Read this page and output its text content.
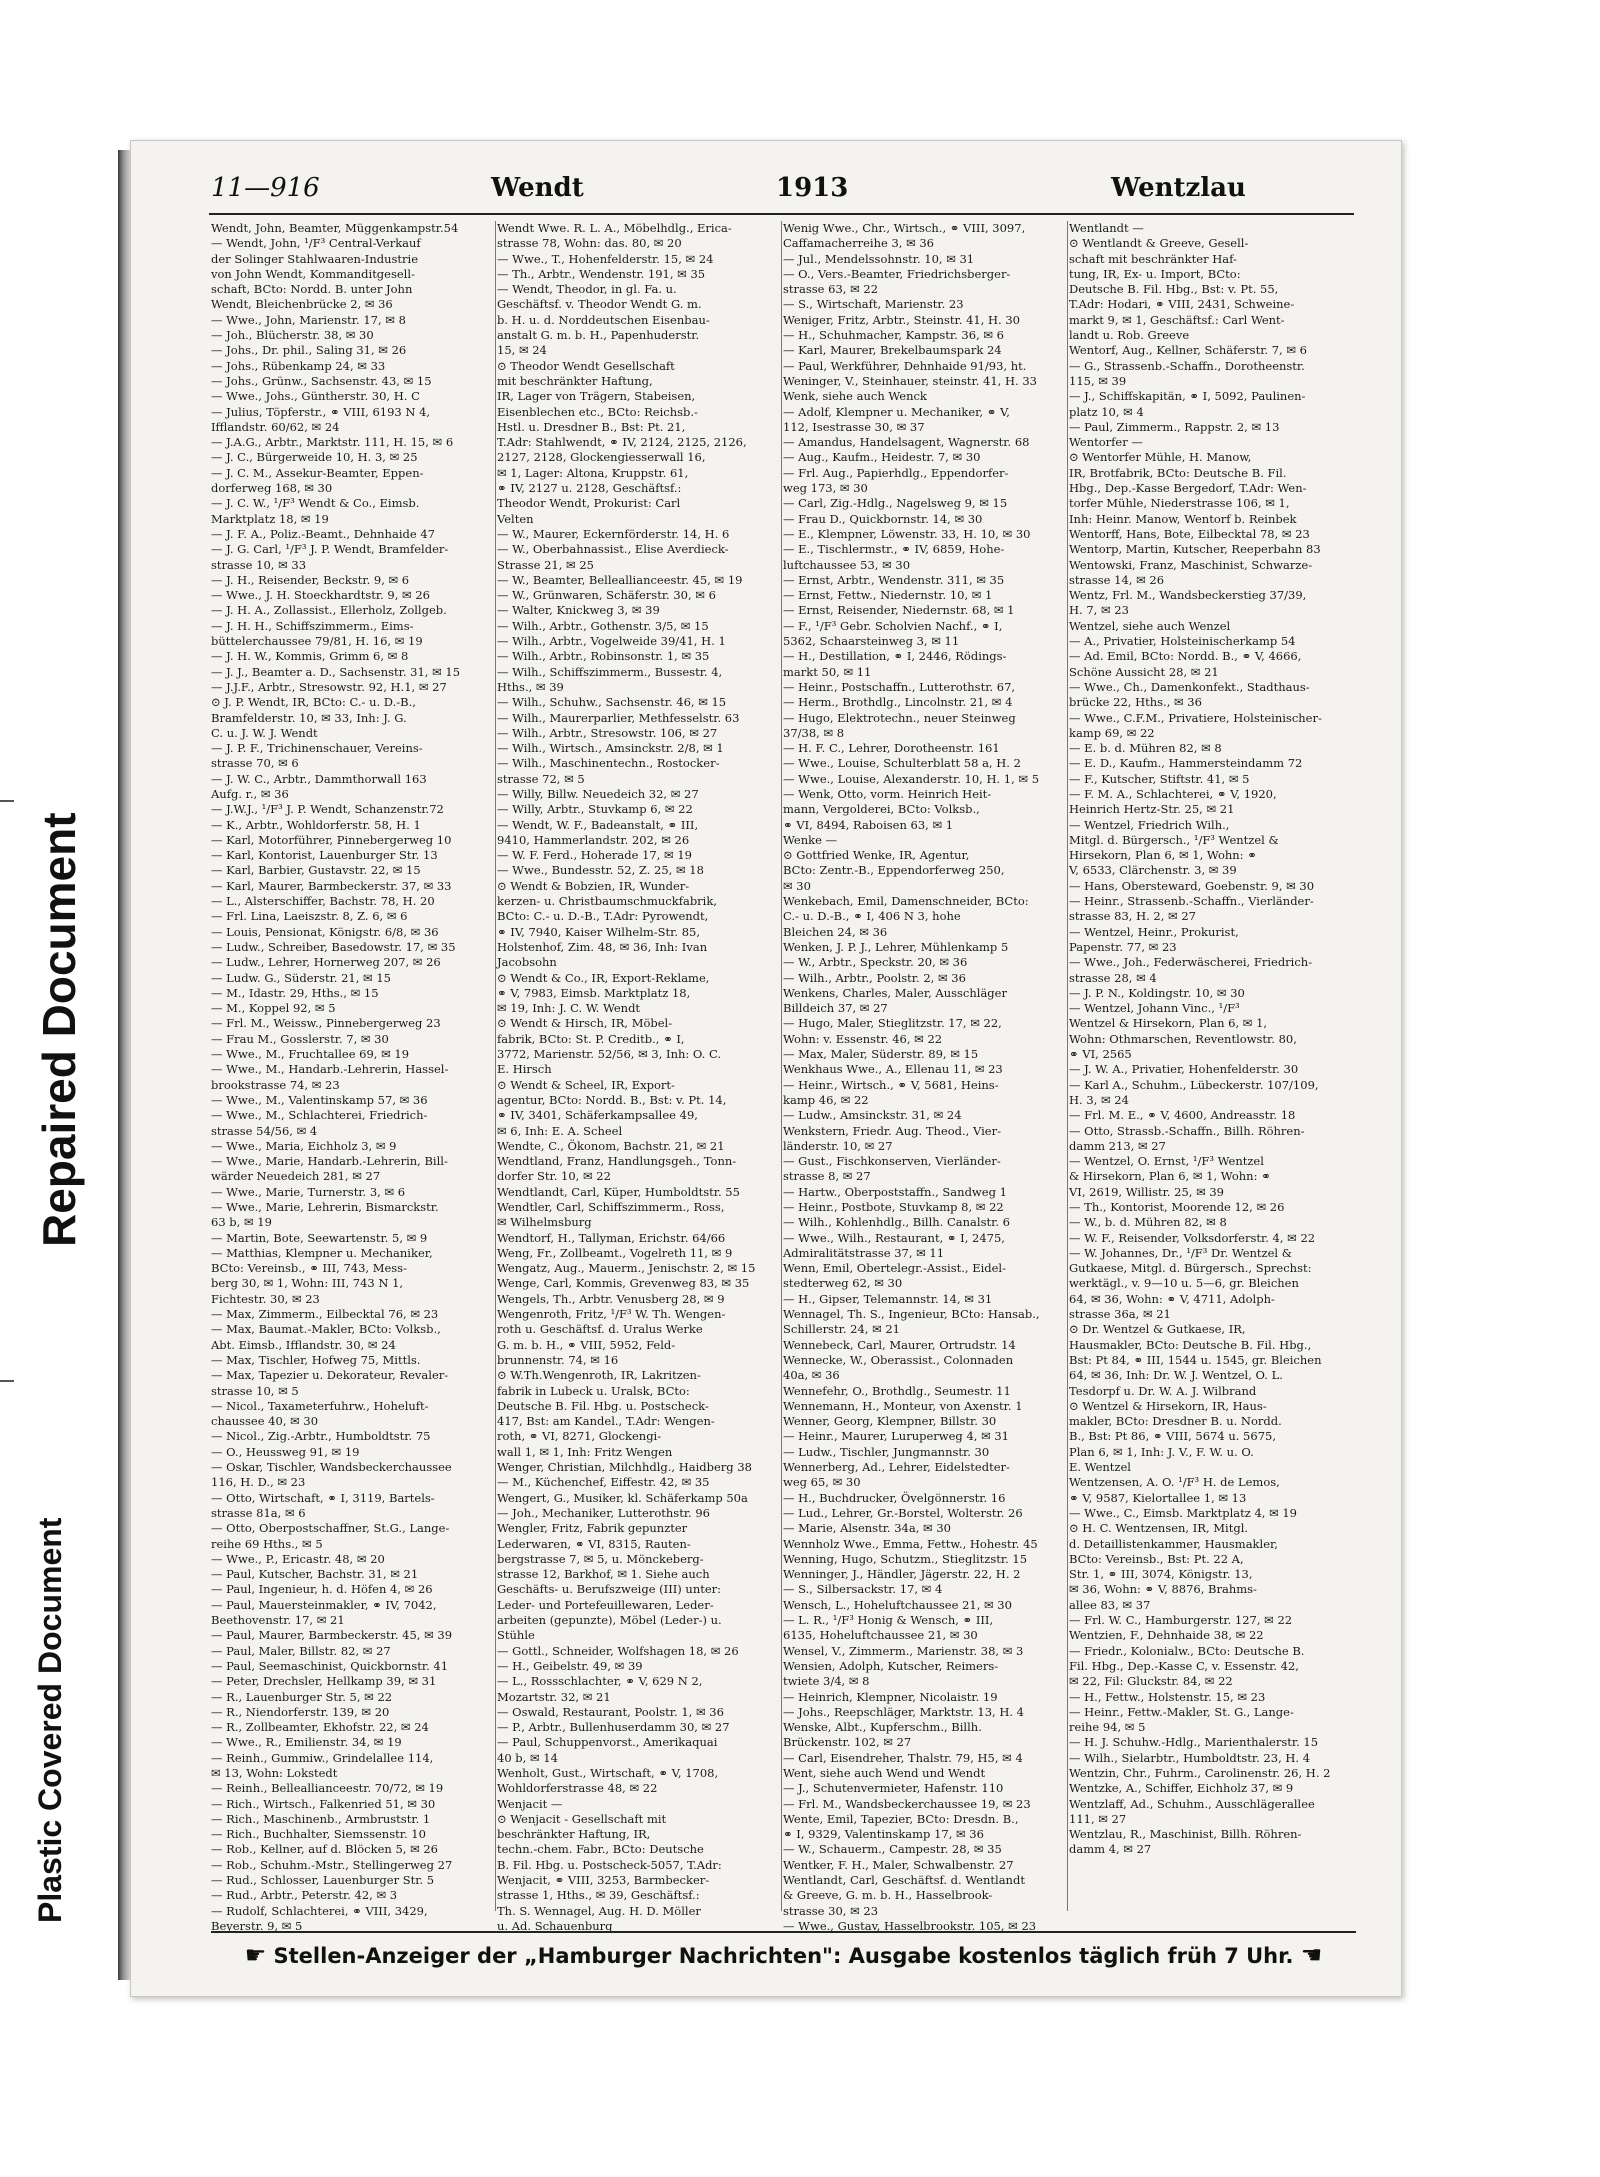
Repaired Document
Plastic Covered Document
11—916	Wendt	1913	Wentzlau

Wendt, John, Beamter, Müggenkampstr.54

— Wendt, John, ¹/F³ Central-Verkauf

der Solinger Stahlwaaren-Industrie

von John Wendt, Kommanditgesell-

schaft, BCto: Nordd. B. unter John

Wendt, Bleichenbrücke 2, ✉ 36

— Wwe., John, Marienstr. 17, ✉ 8

— Joh., Blücherstr. 38, ✉ 30

— Johs., Dr. phil., Saling 31, ✉ 26

— Johs., Rübenkamp 24, ✉ 33

— Johs., Grünw., Sachsenstr. 43, ✉ 15

— Wwe., Johs., Güntherstr. 30, H. C

— Julius, Töpferstr., ⚭ VIII, 6193 N 4,

Ifflandstr. 60/62, ✉ 24

— J.A.G., Arbtr., Marktstr. 111, H. 15, ✉ 6

— J. C., Bürgerweide 10, H. 3, ✉ 25

— J. C. M., Assekur-Beamter, Eppen-

dorferweg 168, ✉ 30

— J. C. W., ¹/F³ Wendt & Co., Eimsb.

Marktplatz 18, ✉ 19

— J. F. A., Poliz.-Beamt., Dehnhaide 47

— J. G. Carl, ¹/F³ J. P. Wendt, Bramfelder-

strasse 10, ✉ 33

— J. H., Reisender, Beckstr. 9, ✉ 6

— Wwe., J. H. Stoeckhardtstr. 9, ✉ 26

— J. H. A., Zollassist., Ellerholz, Zollgeb.

— J. H. H., Schiffszimmerm., Eims-

büttelerchaussee 79/81, H. 16, ✉ 19

— J. H. W., Kommis, Grimm 6, ✉ 8

— J. J., Beamter a. D., Sachsenstr. 31, ✉ 15

— J.J.F., Arbtr., Stresowstr. 92, H.1, ✉ 27

⊙ J. P. Wendt, IR, BCto: C.- u. D.-B.,

Bramfelderstr. 10, ✉ 33, Inh: J. G.

C. u. J. W. J. Wendt

— J. P. F., Trichinenschauer, Vereins-

strasse 70, ✉ 6

— J. W. C., Arbtr., Dammthorwall 163

Aufg. r., ✉ 36

— J.W.J., ¹/F³ J. P. Wendt, Schanzenstr.72

— K., Arbtr., Wohldorferstr. 58, H. 1

— Karl, Motorführer, Pinnebergerweg 10

— Karl, Kontorist, Lauenburger Str. 13

— Karl, Barbier, Gustavstr. 22, ✉ 15

— Karl, Maurer, Barmbeckerstr. 37, ✉ 33

— L., Alsterschiffer, Bachstr. 78, H. 20

— Frl. Lina, Laeiszstr. 8, Z. 6, ✉ 6

— Louis, Pensionat, Königstr. 6/8, ✉ 36

— Ludw., Schreiber, Basedowstr. 17, ✉ 35

— Ludw., Lehrer, Hornerweg 207, ✉ 26

— Ludw. G., Süderstr. 21, ✉ 15

— M., Idastr. 29, Hths., ✉ 15

— M., Koppel 92, ✉ 5

— Frl. M., Weissw., Pinnebergerweg 23

— Frau M., Gosslerstr. 7, ✉ 30

— Wwe., M., Fruchtallee 69, ✉ 19

— Wwe., M., Handarb.-Lehrerin, Hassel-

brookstrasse 74, ✉ 23

— Wwe., M., Valentinskamp 57, ✉ 36

— Wwe., M., Schlachterei, Friedrich-

strasse 54/56, ✉ 4

— Wwe., Maria, Eichholz 3, ✉ 9

— Wwe., Marie, Handarb.-Lehrerin, Bill-

wärder Neuedeich 281, ✉ 27

— Wwe., Marie, Turnerstr. 3, ✉ 6

— Wwe., Marie, Lehrerin, Bismarckstr.

63 b, ✉ 19

— Martin, Bote, Seewartenstr. 5, ✉ 9

— Matthias, Klempner u. Mechaniker,

BCto: Vereinsb., ⚭ III, 743, Mess-

berg 30, ✉ 1, Wohn: III, 743 N 1,

Fichtestr. 30, ✉ 23

— Max, Zimmerm., Eilbecktal 76, ✉ 23

— Max, Baumat.-Makler, BCto: Volksb.,

Abt. Eimsb., Ifflandstr. 30, ✉ 24

— Max, Tischler, Hofweg 75, Mittls.

— Max, Tapezier u. Dekorateur, Revaler-

strasse 10, ✉ 5

— Nicol., Taxameterfuhrw., Hoheluft-

chaussee 40, ✉ 30

— Nicol., Zig.-Arbtr., Humboldtstr. 75

— O., Heussweg 91, ✉ 19

— Oskar, Tischler, Wandsbeckerchaussee

116, H. D., ✉ 23

— Otto, Wirtschaft, ⚭ I, 3119, Bartels-

strasse 81a, ✉ 6

— Otto, Oberpostschaffner, St.G., Lange-

reihe 69 Hths., ✉ 5

— Wwe., P., Ericastr. 48, ✉ 20

— Paul, Kutscher, Bachstr. 31, ✉ 21

— Paul, Ingenieur, h. d. Höfen 4, ✉ 26

— Paul, Mauersteinmakler, ⚭ IV, 7042,

Beethovenstr. 17, ✉ 21

— Paul, Maurer, Barmbeckerstr. 45, ✉ 39

— Paul, Maler, Billstr. 82, ✉ 27

— Paul, Seemaschinist, Quickbornstr. 41

— Peter, Drechsler, Hellkamp 39, ✉ 31

— R., Lauenburger Str. 5, ✉ 22

— R., Niendorferstr. 139, ✉ 20

— R., Zollbeamter, Ekhofstr. 22, ✉ 24

— Wwe., R., Emilienstr. 34, ✉ 19

— Reinh., Gummiw., Grindelallee 114,

✉ 13, Wohn: Lokstedt

— Reinh., Belleallianceestr. 70/72, ✉ 19

— Rich., Wirtsch., Falkenried 51, ✉ 30

— Rich., Maschinenb., Armbruststr. 1

— Rich., Buchhalter, Siemssenstr. 10

— Rob., Kellner, auf d. Blöcken 5, ✉ 26

— Rob., Schuhm.-Mstr., Stellingerweg 27

— Rud., Schlosser, Lauenburger Str. 5

— Rud., Arbtr., Peterstr. 42, ✉ 3

— Rudolf, Schlachterei, ⚭ VIII, 3429,

Beyerstr. 9, ✉ 5

Wendt Wwe. R. L. A., Möbelhdlg., Erica-

strasse 78, Wohn: das. 80, ✉ 20

— Wwe., T., Hohenfelderstr. 15, ✉ 24

— Th., Arbtr., Wendenstr. 191, ✉ 35

— Wendt, Theodor, in gl. Fa. u.

Geschäftsf. v. Theodor Wendt G. m.

b. H. u. d. Norddeutschen Eisenbau-

anstalt G. m. b. H., Papenhuderstr.

15, ✉ 24

⊙ Theodor Wendt Gesellschaft

mit beschränkter Haftung,

IR, Lager von Trägern, Stabeisen,

Eisenblechen etc., BCto: Reichsb.-

Hstl. u. Dresdner B., Bst: Pt. 21,

T.Adr: Stahlwendt, ⚭ IV, 2124, 2125, 2126,

2127, 2128, Glockengiesserwall 16,

✉ 1, Lager: Altona, Kruppstr. 61,

⚭ IV, 2127 u. 2128, Geschäftsf.:

Theodor Wendt, Prokurist: Carl

Velten

— W., Maurer, Eckernförderstr. 14, H. 6

— W., Oberbahnassist., Elise Averdieck-

Strasse 21, ✉ 25

— W., Beamter, Belleallianceestr. 45, ✉ 19

— W., Grünwaren, Schäferstr. 30, ✉ 6

— Walter, Knickweg 3, ✉ 39

— Wilh., Arbtr., Gothenstr. 3/5, ✉ 15

— Wilh., Arbtr., Vogelweide 39/41, H. 1

— Wilh., Arbtr., Robinsonstr. 1, ✉ 35

— Wilh., Schiffszimmerm., Bussestr. 4,

Hths., ✉ 39

— Wilh., Schuhw., Sachsenstr. 46, ✉ 15

— Wilh., Maurerparlier, Methfesselstr. 63

— Wilh., Arbtr., Stresowstr. 106, ✉ 27

— Wilh., Wirtsch., Amsinckstr. 2/8, ✉ 1

— Wilh., Maschinentechn., Rostocker-

strasse 72, ✉ 5

— Willy, Billw. Neuedeich 32, ✉ 27

— Willy, Arbtr., Stuvkamp 6, ✉ 22

— Wendt, W. F., Badeanstalt, ⚭ III,

9410, Hammerlandstr. 202, ✉ 26

— W. F. Ferd., Hoherade 17, ✉ 19

— Wwe., Bundesstr. 52, Z. 25, ✉ 18

⊙ Wendt & Bobzien, IR, Wunder-

kerzen- u. Christbaumschmuckfabrik,

BCto: C.- u. D.-B., T.Adr: Pyrowendt,

⚭ IV, 7940, Kaiser Wilhelm-Str. 85,

Holstenhof, Zim. 48, ✉ 36, Inh: Ivan

Jacobsohn

⊙ Wendt & Co., IR, Export-Reklame,

⚭ V, 7983, Eimsb. Marktplatz 18,

✉ 19, Inh: J. C. W. Wendt

⊙ Wendt & Hirsch, IR, Möbel-

fabrik, BCto: St. P. Creditb., ⚭ I,

3772, Marienstr. 52/56, ✉ 3, Inh: O. C.

E. Hirsch

⊙ Wendt & Scheel, IR, Export-

agentur, BCto: Nordd. B., Bst: v. Pt. 14,

⚭ IV, 3401, Schäferkampsallee 49,

✉ 6, Inh: E. A. Scheel

Wendte, C., Ökonom, Bachstr. 21, ✉ 21

Wendtland, Franz, Handlungsgeh., Tonn-

dorfer Str. 10, ✉ 22

Wendtlandt, Carl, Küper, Humboldtstr. 55

Wendtler, Carl, Schiffszimmerm., Ross,

✉ Wilhelmsburg

Wendtorf, H., Tallyman, Erichstr. 64/66

Weng, Fr., Zollbeamt., Vogelreth 11, ✉ 9

Wengatz, Aug., Mauerm., Jenischstr. 2, ✉ 15

Wenge, Carl, Kommis, Grevenweg 83, ✉ 35

Wengels, Th., Arbtr. Venusberg 28, ✉ 9

Wengenroth, Fritz, ¹/F³ W. Th. Wengen-

roth u. Geschäftsf. d. Uralus Werke

G. m. b. H., ⚭ VIII, 5952, Feld-

brunnenstr. 74, ✉ 16

⊙ W.Th.Wengenroth, IR, Lakritzen-

fabrik in Lubeck u. Uralsk, BCto:

Deutsche B. Fil. Hbg. u. Postscheck-

417, Bst: am Kandel., T.Adr: Wengen-

roth, ⚭ VI, 8271, Glockengi-

wall 1, ✉ 1, Inh: Fritz Wengen

Wenger, Christian, Milchhdlg., Haidberg 38

— M., Küchenchef, Eiffestr. 42, ✉ 35

Wengert, G., Musiker, kl. Schäferkamp 50a

— Joh., Mechaniker, Lutterothstr. 96

Wengler, Fritz, Fabrik gepunzter

Lederwaren, ⚭ VI, 8315, Rauten-

bergstrasse 7, ✉ 5, u. Mönckeberg-

strasse 12, Barkhof, ✉ 1. Siehe auch

Geschäfts- u. Berufszweige (III) unter:

Leder- und Portefeuillewaren, Leder-

arbeiten (gepunzte), Möbel (Leder-) u.

Stühle

— Gottl., Schneider, Wolfshagen 18, ✉ 26

— H., Geibelstr. 49, ✉ 39

— L., Rossschlachter, ⚭ V, 629 N 2,

Mozartstr. 32, ✉ 21

— Oswald, Restaurant, Poolstr. 1, ✉ 36

— P., Arbtr., Bullenhuserdamm 30, ✉ 27

— Paul, Schuppenvorst., Amerikaquai

40 b, ✉ 14

Wenholt, Gust., Wirtschaft, ⚭ V, 1708,

Wohldorferstrasse 48, ✉ 22

Wenjacit —

⊙ Wenjacit - Gesellschaft mit

beschränkter Haftung, IR,

techn.-chem. Fabr., BCto: Deutsche

B. Fil. Hbg. u. Postscheck-5057, T.Adr:

Wenjacit, ⚭ VIII, 3253, Barmbecker-

strasse 1, Hths., ✉ 39, Geschäftsf.:

Th. S. Wennagel, Aug. H. D. Möller

u. Ad. Schauenburg

Wenig Wwe., Chr., Wirtsch., ⚭ VIII, 3097,

Caffamacherreihe 3, ✉ 36

— Jul., Mendelssohnstr. 10, ✉ 31

— O., Vers.-Beamter, Friedrichsberger-

strasse 63, ✉ 22

— S., Wirtschaft, Marienstr. 23

Weniger, Fritz, Arbtr., Steinstr. 41, H. 30

— H., Schuhmacher, Kampstr. 36, ✉ 6

— Karl, Maurer, Brekelbaumspark 24

— Paul, Werkführer, Dehnhaide 91/93, ht.

Weninger, V., Steinhauer, steinstr. 41, H. 33

Wenk, siehe auch Wenck

— Adolf, Klempner u. Mechaniker, ⚭ V,

112, Isestrasse 30, ✉ 37

— Amandus, Handelsagent, Wagnerstr. 68

— Aug., Kaufm., Heidestr. 7, ✉ 30

— Frl. Aug., Papierhdlg., Eppendorfer-

weg 173, ✉ 30

— Carl, Zig.-Hdlg., Nagelsweg 9, ✉ 15

— Frau D., Quickbornstr. 14, ✉ 30

— E., Klempner, Löwenstr. 33, H. 10, ✉ 30

— E., Tischlermstr., ⚭ IV, 6859, Hohe-

luftchaussee 53, ✉ 30

— Ernst, Arbtr., Wendenstr. 311, ✉ 35

— Ernst, Fettw., Niedernstr. 10, ✉ 1

— Ernst, Reisender, Niedernstr. 68, ✉ 1

— F., ¹/F³ Gebr. Scholvien Nachf., ⚭ I,

5362, Schaarsteinweg 3, ✉ 11

— H., Destillation, ⚭ I, 2446, Rödings-

markt 50, ✉ 11

— Heinr., Postschaffn., Lutterothstr. 67,

— Herm., Brothdlg., Lincolnstr. 21, ✉ 4

— Hugo, Elektrotechn., neuer Steinweg

37/38, ✉ 8

— H. F. C., Lehrer, Dorotheenstr. 161

— Wwe., Louise, Schulterblatt 58 a, H. 2

— Wwe., Louise, Alexanderstr. 10, H. 1, ✉ 5

— Wenk, Otto, vorm. Heinrich Heit-

mann, Vergolderei, BCto: Volksb.,

⚭ VI, 8494, Raboisen 63, ✉ 1

Wenke —

⊙ Gottfried Wenke, IR, Agentur,

BCto: Zentr.-B., Eppendorferweg 250,

✉ 30

Wenkebach, Emil, Damenschneider, BCto:

C.- u. D.-B., ⚭ I, 406 N 3, hohe

Bleichen 24, ✉ 36

Wenken, J. P. J., Lehrer, Mühlenkamp 5

— W., Arbtr., Speckstr. 20, ✉ 36

— Wilh., Arbtr., Poolstr. 2, ✉ 36

Wenkens, Charles, Maler, Ausschläger

Billdeich 37, ✉ 27

— Hugo, Maler, Stieglitzstr. 17, ✉ 22,

Wohn: v. Essenstr. 46, ✉ 22

— Max, Maler, Süderstr. 89, ✉ 15

Wenkhaus Wwe., A., Ellenau 11, ✉ 23

— Heinr., Wirtsch., ⚭ V, 5681, Heins-

kamp 46, ✉ 22

— Ludw., Amsinckstr. 31, ✉ 24

Wenkstern, Friedr. Aug. Theod., Vier-

länderstr. 10, ✉ 27

— Gust., Fischkonserven, Vierländer-

strasse 8, ✉ 27

— Hartw., Oberpoststaffn., Sandweg 1

— Heinr., Postbote, Stuvkamp 8, ✉ 22

— Wilh., Kohlenhdlg., Billh. Canalstr. 6

— Wwe., Wilh., Restaurant, ⚭ I, 2475,

Admiralitätstrasse 37, ✉ 11

Wenn, Emil, Obertelegr.-Assist., Eidel-

stedterweg 62, ✉ 30

— H., Gipser, Telemannstr. 14, ✉ 31

Wennagel, Th. S., Ingenieur, BCto: Hansab.,

Schillerstr. 24, ✉ 21

Wennebeck, Carl, Maurer, Ortrudstr. 14

Wennecke, W., Oberassist., Colonnaden

40a, ✉ 36

Wennefehr, O., Brothdlg., Seumestr. 11

Wennemann, H., Monteur, von Axenstr. 1

Wenner, Georg, Klempner, Billstr. 30

— Heinr., Maurer, Luruperweg 4, ✉ 31

— Ludw., Tischler, Jungmannstr. 30

Wennerberg, Ad., Lehrer, Eidelstedter-

weg 65, ✉ 30

— H., Buchdrucker, Övelgönnerstr. 16

— Lud., Lehrer, Gr.-Borstel, Wolterstr. 26

— Marie, Alsenstr. 34a, ✉ 30

Wennholz Wwe., Emma, Fettw., Hohestr. 45

Wenning, Hugo, Schutzm., Stieglitzstr. 15

Wenninger, J., Händler, Jägerstr. 22, H. 2

— S., Silbersackstr. 17, ✉ 4

Wensch, L., Hoheluftchaussee 21, ✉ 30

— L. R., ¹/F³ Honig & Wensch, ⚭ III,

6135, Hoheluftchaussee 21, ✉ 30

Wensel, V., Zimmerm., Marienstr. 38, ✉ 3

Wensien, Adolph, Kutscher, Reimers-

twiete 3/4, ✉ 8

— Heinrich, Klempner, Nicolaistr. 19

— Johs., Reepschläger, Marktstr. 13, H. 4

Wenske, Albt., Kupferschm., Billh.

Brückenstr. 102, ✉ 27

— Carl, Eisendreher, Thalstr. 79, H5, ✉ 4

Went, siehe auch Wend und Wendt

— J., Schutenvermieter, Hafenstr. 110

— Frl. M., Wandsbeckerchaussee 19, ✉ 23

Wente, Emil, Tapezier, BCto: Dresdn. B.,

⚭ I, 9329, Valentinskamp 17, ✉ 36

— W., Schauerm., Campestr. 28, ✉ 35

Wentker, F. H., Maler, Schwalbenstr. 27

Wentlandt, Carl, Geschäftsf. d. Wentlandt

& Greeve, G. m. b. H., Hasselbrook-

strasse 30, ✉ 23

— Wwe., Gustav, Hasselbrookstr. 105, ✉ 23

Wentlandt —

⊙ Wentlandt & Greeve, Gesell-

schaft mit beschränkter Haf-

tung, IR, Ex- u. Import, BCto:

Deutsche B. Fil. Hbg., Bst: v. Pt. 55,

T.Adr: Hodari, ⚭ VIII, 2431, Schweine-

markt 9, ✉ 1, Geschäftsf.: Carl Went-

landt u. Rob. Greeve

Wentorf, Aug., Kellner, Schäferstr. 7, ✉ 6

— G., Strassenb.-Schaffn., Dorotheenstr.

115, ✉ 39

— J., Schiffskapitän, ⚭ I, 5092, Paulinen-

platz 10, ✉ 4

— Paul, Zimmerm., Rappstr. 2, ✉ 13

Wentorfer —

⊙ Wentorfer Mühle, H. Manow,

IR, Brotfabrik, BCto: Deutsche B. Fil.

Hbg., Dep.-Kasse Bergedorf, T.Adr: Wen-

torfer Mühle, Niederstrasse 106, ✉ 1,

Inh: Heinr. Manow, Wentorf b. Reinbek

Wentorff, Hans, Bote, Eilbecktal 78, ✉ 23

Wentorp, Martin, Kutscher, Reeperbahn 83

Wentowski, Franz, Maschinist, Schwarze-

strasse 14, ✉ 26

Wentz, Frl. M., Wandsbeckerstieg 37/39,

H. 7, ✉ 23

Wentzel, siehe auch Wenzel

— A., Privatier, Holsteinischerkamp 54

— Ad. Emil, BCto: Nordd. B., ⚭ V, 4666,

Schöne Aussicht 28, ✉ 21

— Wwe., Ch., Damenkonfekt., Stadthaus-

brücke 22, Hths., ✉ 36

— Wwe., C.F.M., Privatiere, Holsteinischer-

kamp 69, ✉ 22

— E. b. d. Mühren 82, ✉ 8

— E. D., Kaufm., Hammersteindamm 72

— F., Kutscher, Stiftstr. 41, ✉ 5

— F. M. A., Schlachterei, ⚭ V, 1920,

Heinrich Hertz-Str. 25, ✉ 21

— Wentzel, Friedrich Wilh.,

Mitgl. d. Bürgersch., ¹/F³ Wentzel &

Hirsekorn, Plan 6, ✉ 1, Wohn: ⚭

V, 6533, Clärchenstr. 3, ✉ 39

— Hans, Obersteward, Goebenstr. 9, ✉ 30

— Heinr., Strassenb.-Schaffn., Vierländer-

strasse 83, H. 2, ✉ 27

— Wentzel, Heinr., Prokurist,

Papenstr. 77, ✉ 23

— Wwe., Joh., Federwäscherei, Friedrich-

strasse 28, ✉ 4

— J. P. N., Koldingstr. 10, ✉ 30

— Wentzel, Johann Vinc., ¹/F³

Wentzel & Hirsekorn, Plan 6, ✉ 1,

Wohn: Othmarschen, Reventlowstr. 80,

⚭ VI, 2565

— J. W. A., Privatier, Hohenfelderstr. 30

— Karl A., Schuhm., Lübeckerstr. 107/109,

H. 3, ✉ 24

— Frl. M. E., ⚭ V, 4600, Andreasstr. 18

— Otto, Strassb.-Schaffn., Billh. Röhren-

damm 213, ✉ 27

— Wentzel, O. Ernst, ¹/F³ Wentzel

& Hirsekorn, Plan 6, ✉ 1, Wohn: ⚭

VI, 2619, Willistr. 25, ✉ 39

— Th., Kontorist, Moorende 12, ✉ 26

— W., b. d. Mühren 82, ✉ 8

— W. F., Reisender, Volksdorferstr. 4, ✉ 22

— W. Johannes, Dr., ¹/F³ Dr. Wentzel &

Gutkaese, Mitgl. d. Bürgersch., Sprechst:

werktägl., v. 9—10 u. 5—6, gr. Bleichen

64, ✉ 36, Wohn: ⚭ V, 4711, Adolph-

strasse 36a, ✉ 21

⊙ Dr. Wentzel & Gutkaese, IR,

Hausmakler, BCto: Deutsche B. Fil. Hbg.,

Bst: Pt 84, ⚭ III, 1544 u. 1545, gr. Bleichen

64, ✉ 36, Inh: Dr. W. J. Wentzel, O. L.

Tesdorpf u. Dr. W. A. J. Wilbrand

⊙ Wentzel & Hirsekorn, IR, Haus-

makler, BCto: Dresdner B. u. Nordd.

B., Bst: Pt 86, ⚭ VIII, 5674 u. 5675,

Plan 6, ✉ 1, Inh: J. V., F. W. u. O.

E. Wentzel

Wentzensen, A. O. ¹/F³ H. de Lemos,

⚭ V, 9587, Kielortallee 1, ✉ 13

— Wwe., C., Eimsb. Marktplatz 4, ✉ 19

⊙ H. C. Wentzensen, IR, Mitgl.

d. Detaillistenkammer, Hausmakler,

BCto: Vereinsb., Bst: Pt. 22 A,

Str. 1, ⚭ III, 3074, Königstr. 13,

✉ 36, Wohn: ⚭ V, 8876, Brahms-

allee 83, ✉ 37

— Frl. W. C., Hamburgerstr. 127, ✉ 22

Wentzien, F., Dehnhaide 38, ✉ 22

— Friedr., Kolonialw., BCto: Deutsche B.

Fil. Hbg., Dep.-Kasse C, v. Essenstr. 42,

✉ 22, Fil: Gluckstr. 84, ✉ 22

— H., Fettw., Holstenstr. 15, ✉ 23

— Heinr., Fettw.-Makler, St. G., Lange-

reihe 94, ✉ 5

— H. J. Schuhw.-Hdlg., Marienthalerstr. 15

— Wilh., Sielarbtr., Humboldtstr. 23, H. 4

Wentzin, Chr., Fuhrm., Carolinenstr. 26, H. 2

Wentzke, A., Schiffer, Eichholz 37, ✉ 9

Wentzlaff, Ad., Schuhm., Ausschlägerallee

111, ✉ 27

Wentzlau, R., Maschinist, Billh. Röhren-

damm 4, ✉ 27

☛ Stellen-Anzeiger der „Hamburger Nachrichten": Ausgabe kostenlos täglich früh 7 Uhr. ☚
